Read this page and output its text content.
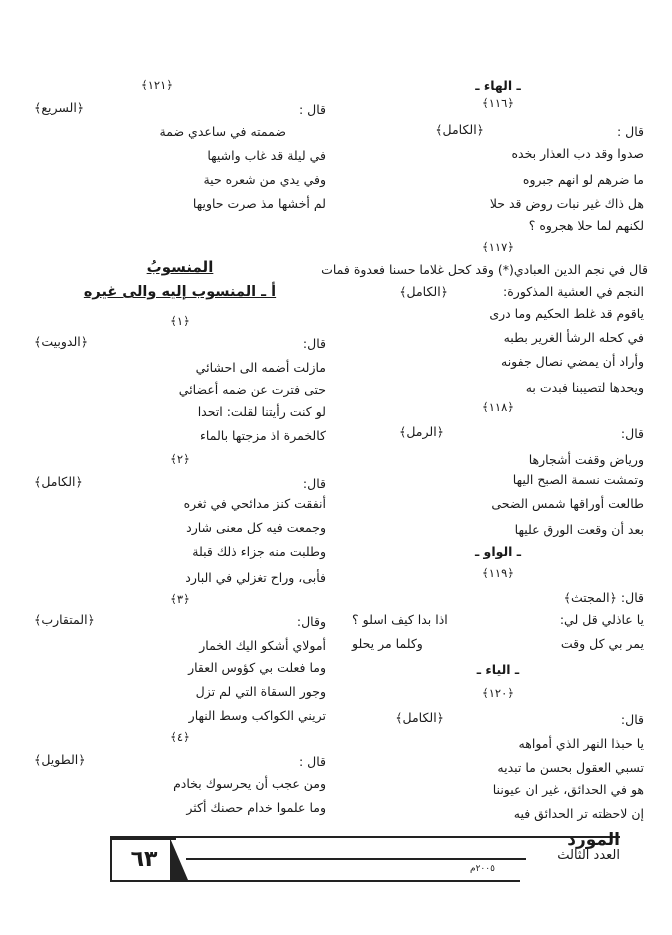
ـ الهاء ـ
﴿١١٦﴾
قال :
﴿الكامل﴾
صدوا وقد دب العذار بخده
ما ضرهم لو انهم جبروه
هل ذاك غير نبات روض قد حلا
لكنهم لما حلا هجروه ؟
﴿١١٧﴾
قال في نجم الدين العبادي(*) وقد كحل غلاما حسنا فعدوة فمات
النجم في العشية المذكورة:
﴿الكامل﴾
ياقوم قد غلط الحكيم وما درى
في كحله الرشأ الغرير بطبه
وأراد أن يمضي نصال جفونه
ويحدها لتصيبنا فبدت به
﴿١١٨﴾
قال:
﴿الرمل﴾
ورياض وقفت أشجارها
وتمشت نسمة الصبح اليها
طالعت أوراقها شمس الضحى
بعد أن وقعت الورق عليها
ـ الواو ـ
﴿١١٩﴾
قال: ﴿المجتث﴾
يا عاذلي قل لي:
اذا بدا كيف اسلو ؟
يمر بي كل وقت
وكلما مر يحلو
ـ الياء ـ
﴿١٢٠﴾
قال:
﴿الكامل﴾
يا حبذا النهر الذي أمواهه
تسبي العقول بحسن ما تبديه
هو في الحدائق، غير ان عيوننا
إن لاحظته تر الحدائق فيه
﴿١٢١﴾
قال :
﴿السريع﴾
ضممته في ساعدي ضمة
في ليلة قد غاب واشيها
وفي يدي من شعره حية
لم أخشها مذ صرت حاويها
المنسوبُ
أ ـ المنسوب إليه والى غيره
﴿١﴾
قال:
﴿الدوبيت﴾
مازلت أضمه الى احشائي
حتى فترت عن ضمه أعضائي
لو كنت رأيتنا لقلت: اتحدا
كالخمرة اذ مزجتها بالماء
﴿٢﴾
قال:
﴿الكامل﴾
أنفقت كنز مدائحي في ثغره
وجمعت فيه كل معنى شارد
وطلبت منه جزاء ذلك قبلة
فأبى، وراح تغزلي في البارد
﴿٣﴾
وقال:
﴿المتقارب﴾
أمولاي أشكو اليك الخمار
وما فعلت بي كؤوس العقار
وجور السقاة التي لم تزل
تريني الكواكب وسط النهار
﴿٤﴾
قال :
﴿الطويل﴾
ومن عجب أن يحرسوك بخادم
وما علموا خدام حصنك أكثر
٦٣
المورد
العدد الثالث
٢٠٠٥م
